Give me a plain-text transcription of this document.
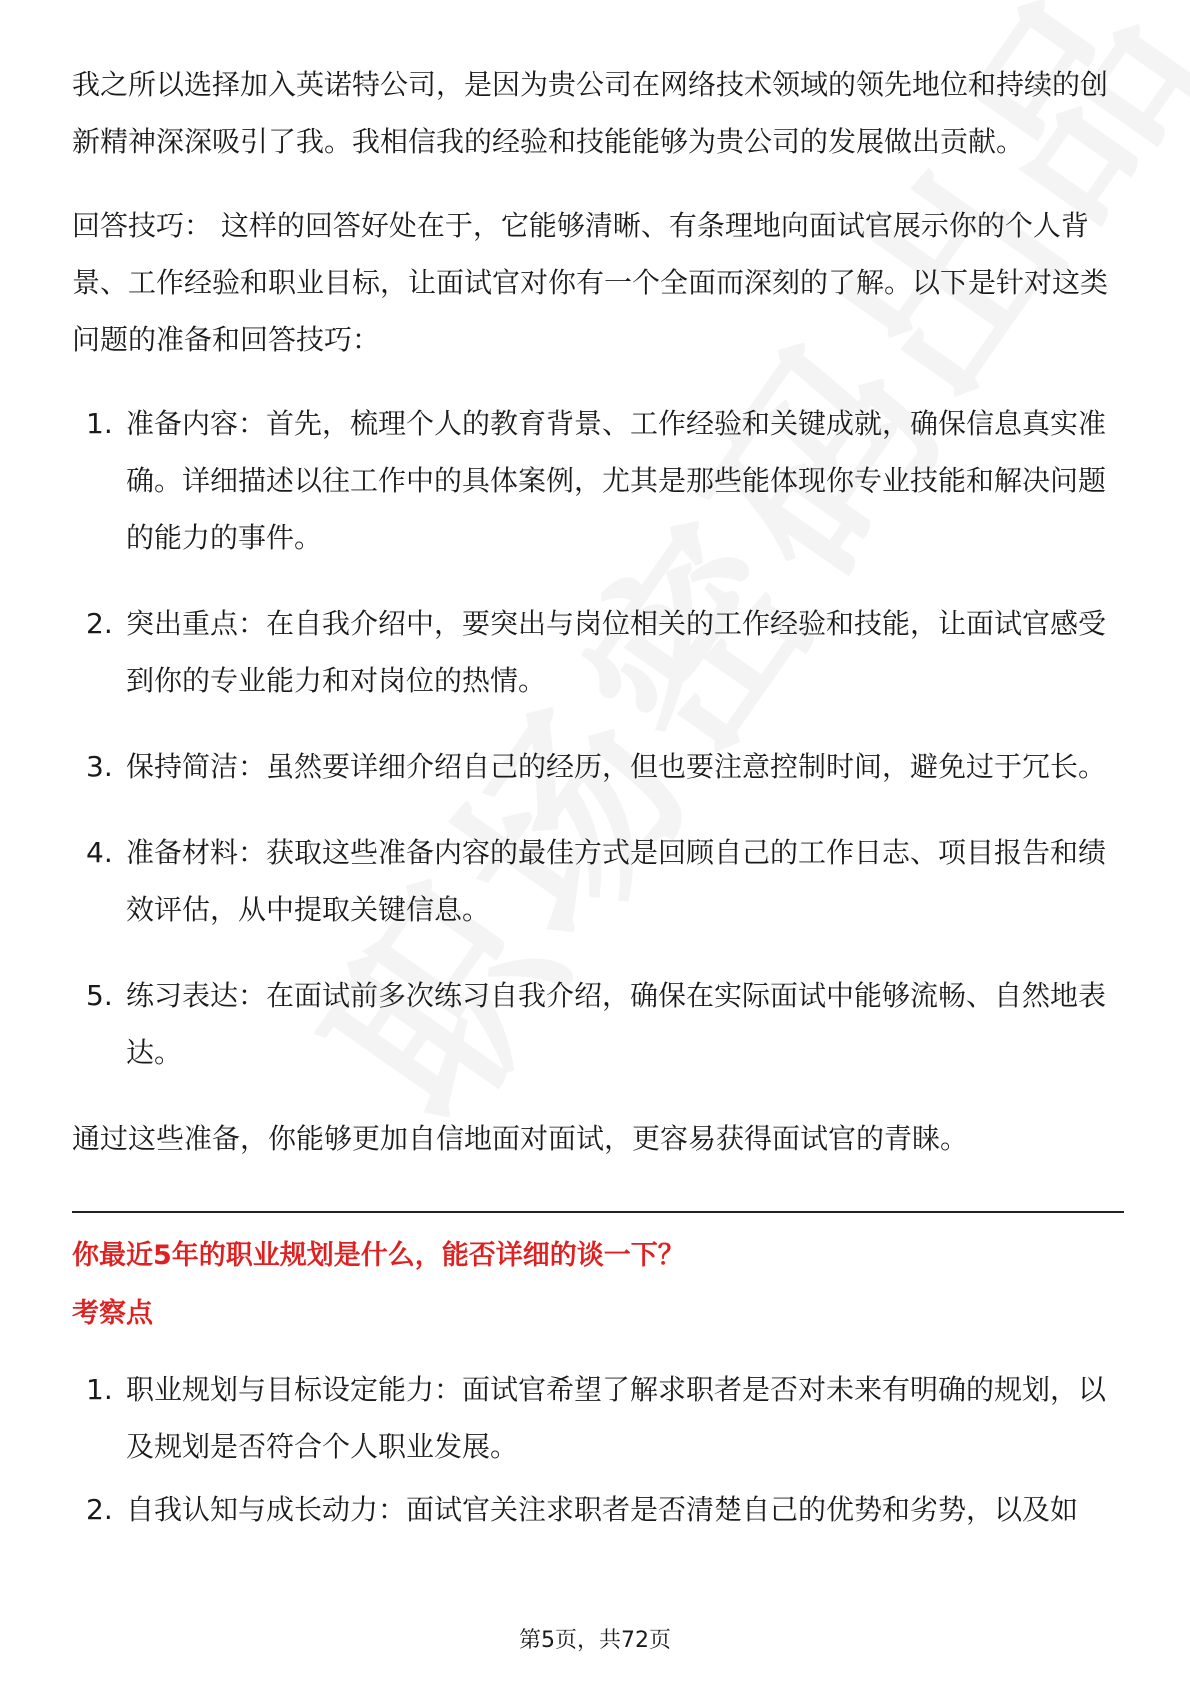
我之所以选择加入英诺特公司，是因为贵公司在网络技术领域的领先地位和持续的创新精神深深吸引了我。我相信我的经验和技能能够为贵公司的发展做出贡献。

回答技巧： 这样的回答好处在于，它能够清晰、有条理地向面试官展示你的个人背景、工作经验和职业目标，让面试官对你有一个全面而深刻的了解。以下是针对这类问题的准备和回答技巧：

1. 准备内容：首先，梳理个人的教育背景、工作经验和关键成就，确保信息真实准确。详细描述以往工作中的具体案例，尤其是那些能体现你专业技能和解决问题的能力的事件。
2. 突出重点：在自我介绍中，要突出与岗位相关的工作经验和技能，让面试官感受到你的专业能力和对岗位的热情。
3. 保持简洁：虽然要详细介绍自己的经历，但也要注意控制时间，避免过于冗长。
4. 准备材料：获取这些准备内容的最佳方式是回顾自己的工作日志、项目报告和绩效评估，从中提取关键信息。
5. 练习表达：在面试前多次练习自我介绍，确保在实际面试中能够流畅、自然地表达。

通过这些准备，你能够更加自信地面对面试，更容易获得面试官的青睐。

你最近5年的职业规划是什么，能否详细的谈一下？
考察点
1. 职业规划与目标设定能力：面试官希望了解求职者是否对未来有明确的规划，以及规划是否符合个人职业发展。
2. 自我认知与成长动力：面试官关注求职者是否清楚自己的优势和劣势，以及如
第5页，共72页
